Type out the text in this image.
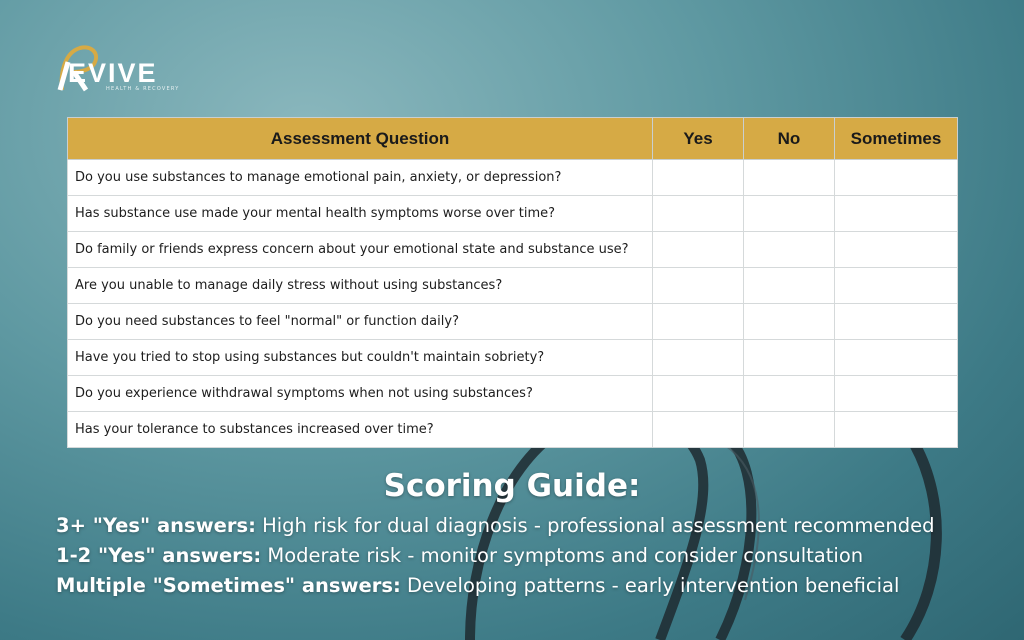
EVIVE
HEALTH & RECOVERY
Assessment Question	Yes	No	Sometimes
Do you use substances to manage emotional pain, anxiety, or depression?			
Has substance use made your mental health symptoms worse over time?			
Do family or friends express concern about your emotional state and substance use?			
Are you unable to manage daily stress without using substances?			
Do you need substances to feel "normal" or function daily?			
Have you tried to stop using substances but couldn't maintain sobriety?			
Do you experience withdrawal symptoms when not using substances?			
Has your tolerance to substances increased over time?			
Scoring Guide:
3+ "Yes" answers: High risk for dual diagnosis - professional assessment recommended
1-2 "Yes" answers: Moderate risk - monitor symptoms and consider consultation
Multiple "Sometimes" answers: Developing patterns - early intervention beneficial
